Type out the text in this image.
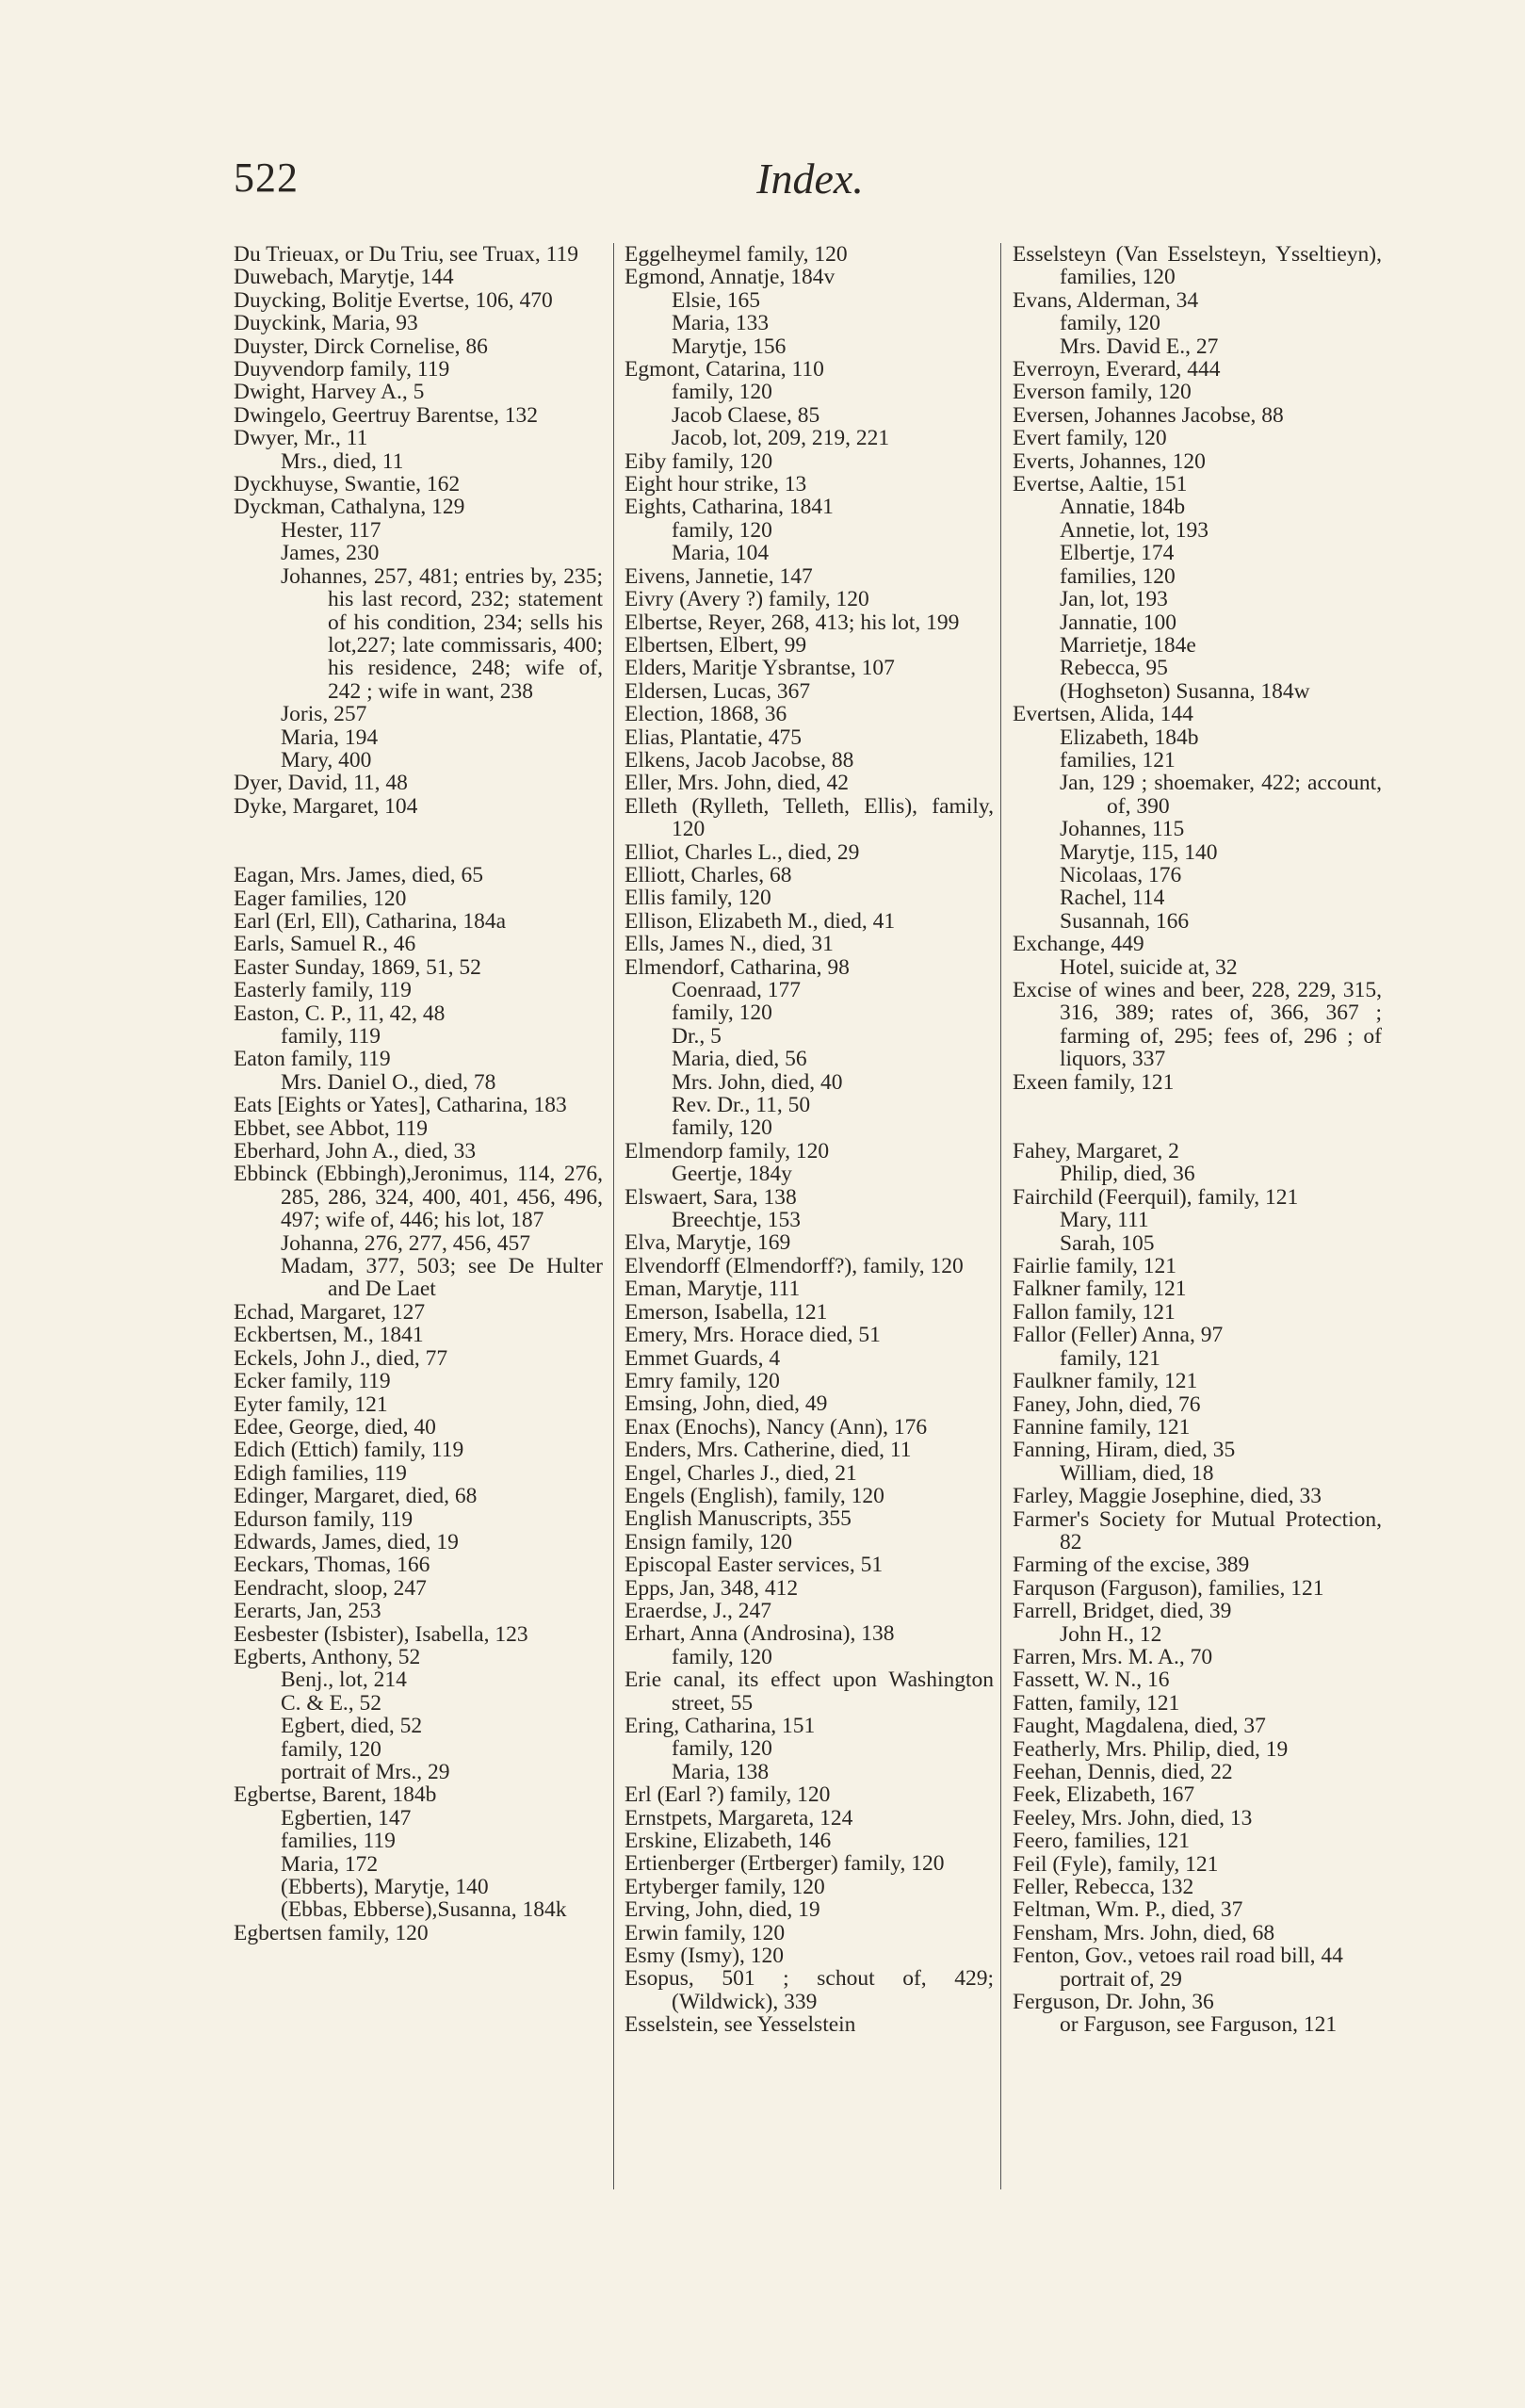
522	Index.
Du Trieuax, or Du Triu, see Truax, 119
Duwebach, Marytje, 144
Duycking, Bolitje Evertse, 106, 470
Duyckink, Maria, 93
Duyster, Dirck Cornelise, 86
Duyvendorp family, 119
Dwight, Harvey A., 5
Dwingelo, Geertruy Barentse, 132
Dwyer, Mr., 11
Mrs., died, 11
Dyckhuyse, Swantie, 162
Dyckman, Cathalyna, 129
Hester, 117
James, 230
Johannes, 257, 481; entries by, 235; his last record, 232; statement of his condition, 234; sells his lot,227; late commissaris, 400; his residence, 248; wife of, 242 ; wife in want, 238
Joris, 257
Maria, 194
Mary, 400
Dyer, David, 11, 48
Dyke, Margaret, 104
Eagan, Mrs. James, died, 65
Eager families, 120
Earl (Erl, Ell), Catharina, 184a
Earls, Samuel R., 46
Easter Sunday, 1869, 51, 52
Easterly family, 119
Easton, C. P., 11, 42, 48
family, 119
Eaton family, 119
Mrs. Daniel O., died, 78
Eats [Eights or Yates], Catharina, 183
Ebbet, see Abbot, 119
Eberhard, John A., died, 33
Ebbinck (Ebbingh),Jeronimus, 114, 276, 285, 286, 324, 400, 401, 456, 496, 497; wife of, 446; his lot, 187
Johanna, 276, 277, 456, 457
Madam, 377, 503; see De Hulter and De Laet
Echad, Margaret, 127
Eckbertsen, M., 1841
Eckels, John J., died, 77
Ecker family, 119
Eyter family, 121
Edee, George, died, 40
Edich (Ettich) family, 119
Edigh families, 119
Edinger, Margaret, died, 68
Edurson family, 119
Edwards, James, died, 19
Eeckars, Thomas, 166
Eendracht, sloop, 247
Eerarts, Jan, 253
Eesbester (Isbister), Isabella, 123
Egberts, Anthony, 52
Benj., lot, 214
C. & E., 52
Egbert, died, 52
family, 120
portrait of Mrs., 29
Egbertse, Barent, 184b
Egbertien, 147
families, 119
Maria, 172
(Ebberts), Marytje, 140
(Ebbas, Ebberse),Susanna, 184k
Egbertsen family, 120
Eggelheymel family, 120
Egmond, Annatje, 184v
Elsie, 165
Maria, 133
Marytje, 156
Egmont, Catarina, 110
family, 120
Jacob Claese, 85
Jacob, lot, 209, 219, 221
Eiby family, 120
Eight hour strike, 13
Eights, Catharina, 1841
family, 120
Maria, 104
Eivens, Jannetie, 147
Eivry (Avery ?) family, 120
Elbertse, Reyer, 268, 413; his lot, 199
Elbertsen, Elbert, 99
Elders, Maritje Ysbrantse, 107
Eldersen, Lucas, 367
Election, 1868, 36
Elias, Plantatie, 475
Elkens, Jacob Jacobse, 88
Eller, Mrs. John, died, 42
Elleth (Rylleth, Telleth, Ellis), family, 120
Elliot, Charles L., died, 29
Elliott, Charles, 68
Ellis family, 120
Ellison, Elizabeth M., died, 41
Ells, James N., died, 31
Elmendorf, Catharina, 98
Coenraad, 177
family, 120
Dr., 5
Maria, died, 56
Mrs. John, died, 40
Rev. Dr., 11, 50
family, 120
Elmendorp family, 120
Geertje, 184y
Elswaert, Sara, 138
Breechtje, 153
Elva, Marytje, 169
Elvendorff (Elmendorff?), family, 120
Eman, Marytje, 111
Emerson, Isabella, 121
Emery, Mrs. Horace died, 51
Emmet Guards, 4
Emry family, 120
Emsing, John, died, 49
Enax (Enochs), Nancy (Ann), 176
Enders, Mrs. Catherine, died, 11
Engel, Charles J., died, 21
Engels (English), family, 120
English Manuscripts, 355
Ensign family, 120
Episcopal Easter services, 51
Epps, Jan, 348, 412
Eraerdse, J., 247
Erhart, Anna (Androsina), 138
family, 120
Erie canal, its effect upon Washington street, 55
Ering, Catharina, 151
family, 120
Maria, 138
Erl (Earl ?) family, 120
Ernstpets, Margareta, 124
Erskine, Elizabeth, 146
Ertienberger (Ertberger) family, 120
Ertyberger family, 120
Erving, John, died, 19
Erwin family, 120
Esmy (Ismy), 120
Esopus, 501 ; schout of, 429; (Wildwick), 339
Esselstein, see Yesselstein
Esselsteyn (Van Esselsteyn, Ysseltieyn), families, 120
Evans, Alderman, 34
family, 120
Mrs. David E., 27
Everroyn, Everard, 444
Everson family, 120
Eversen, Johannes Jacobse, 88
Evert family, 120
Everts, Johannes, 120
Evertse, Aaltie, 151
Annatie, 184b
Annetie, lot, 193
Elbertje, 174
families, 120
Jan, lot, 193
Jannatie, 100
Marrietje, 184e
Rebecca, 95
(Hoghseton) Susanna, 184w
Evertsen, Alida, 144
Elizabeth, 184b
families, 121
Jan, 129 ; shoemaker, 422; account, of, 390
Johannes, 115
Marytje, 115, 140
Nicolaas, 176
Rachel, 114
Susannah, 166
Exchange, 449
Hotel, suicide at, 32
Excise of wines and beer, 228, 229, 315, 316, 389; rates of, 366, 367 ; farming of, 295; fees of, 296 ; of liquors, 337
Exeen family, 121
Fahey, Margaret, 2
Philip, died, 36
Fairchild (Feerquil), family, 121
Mary, 111
Sarah, 105
Fairlie family, 121
Falkner family, 121
Fallon family, 121
Fallor (Feller) Anna, 97
family, 121
Faulkner family, 121
Faney, John, died, 76
Fannine family, 121
Fanning, Hiram, died, 35
William, died, 18
Farley, Maggie Josephine, died, 33
Farmer's Society for Mutual Protection, 82
Farming of the excise, 389
Farquson (Farguson), families, 121
Farrell, Bridget, died, 39
John H., 12
Farren, Mrs. M. A., 70
Fassett, W. N., 16
Fatten, family, 121
Faught, Magdalena, died, 37
Featherly, Mrs. Philip, died, 19
Feehan, Dennis, died, 22
Feek, Elizabeth, 167
Feeley, Mrs. John, died, 13
Feero, families, 121
Feil (Fyle), family, 121
Feller, Rebecca, 132
Feltman, Wm. P., died, 37
Fensham, Mrs. John, died, 68
Fenton, Gov., vetoes rail road bill, 44
portrait of, 29
Ferguson, Dr. John, 36
or Farguson, see Farguson, 121
